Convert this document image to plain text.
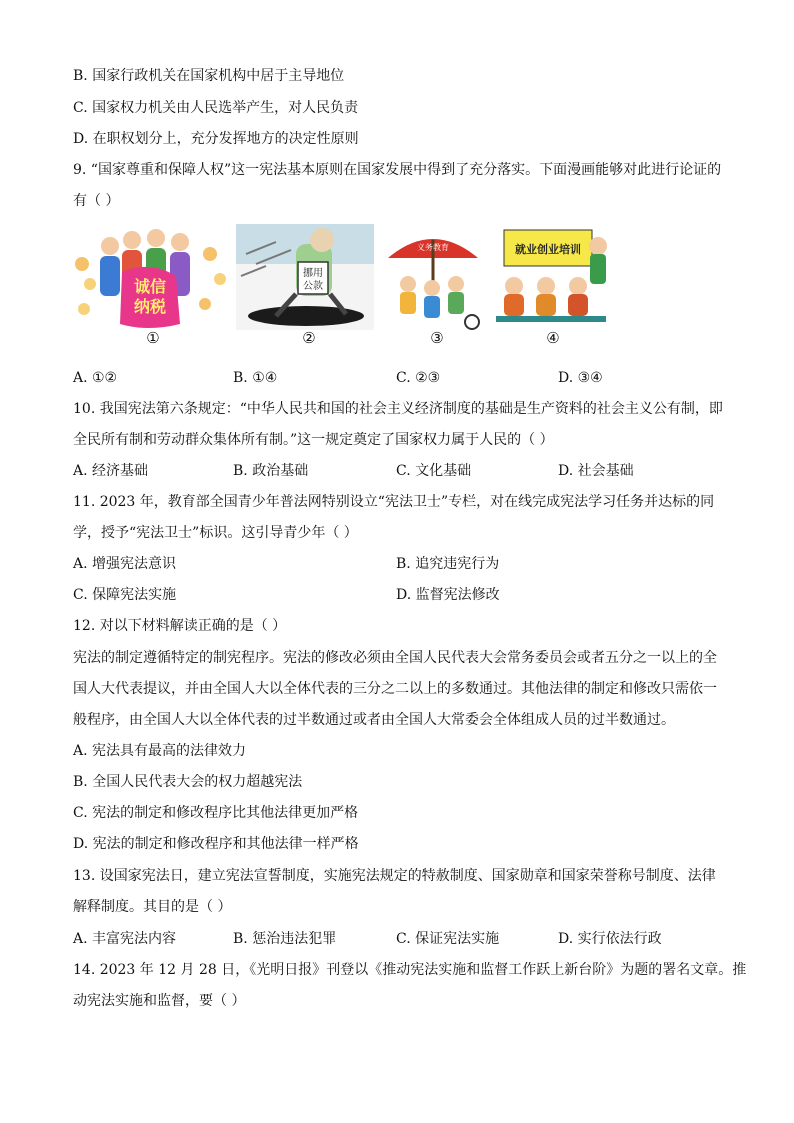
B. 国家行政机关在国家机构中居于主导地位
C. 国家权力机关由人民选举产生，对人民负责
D. 在职权划分上，充分发挥地方的决定性原则
9. “国家尊重和保障人权”这一宪法基本原则在国家发展中得到了充分落实。下面漫画能够对此进行论证的
有（ ）
诚信
纳税
挪用
公款
义务教育	就业创业培训
①	②	③	④
A. ①②	B. ①④	C. ②③	D. ③④
10. 我国宪法第六条规定：“中华人民共和国的社会主义经济制度的基础是生产资料的社会主义公有制，即
全民所有制和劳动群众集体所有制。”这一规定奠定了国家权力属于人民的（ ）
A. 经济基础	B. 政治基础	C. 文化基础	D. 社会基础
11. 2023 年，教育部全国青少年普法网特别设立“宪法卫士”专栏，对在线完成宪法学习任务并达标的同
学，授予“宪法卫士”标识。这引导青少年（ ）
A. 增强宪法意识	B. 追究违宪行为
C. 保障宪法实施	D. 监督宪法修改
12. 对以下材料解读正确的是（ ）
宪法的制定遵循特定的制宪程序。宪法的修改必须由全国人民代表大会常务委员会或者五分之一以上的全国人大代表提议，并由全国人大以全体代表的三分之二以上的多数通过。其他法律的制定和修改只需依一般程序，由全国人大以全体代表的过半数通过或者由全国人大常委会全体组成人员的过半数通过。
A. 宪法具有最高的法律效力
B. 全国人民代表大会的权力超越宪法
C. 宪法的制定和修改程序比其他法律更加严格
D. 宪法的制定和修改程序和其他法律一样严格
13. 设国家宪法日，建立宪法宣誓制度，实施宪法规定的特赦制度、国家勋章和国家荣誉称号制度、法律
解释制度。其目的是（ ）
A. 丰富宪法内容	B. 惩治违法犯罪	C. 保证宪法实施	D. 实行依法行政
14. 2023 年 12 月 28 日，《光明日报》刊登以《推动宪法实施和监督工作跃上新台阶》为题的署名文章。推
动宪法实施和监督，要（ ）
